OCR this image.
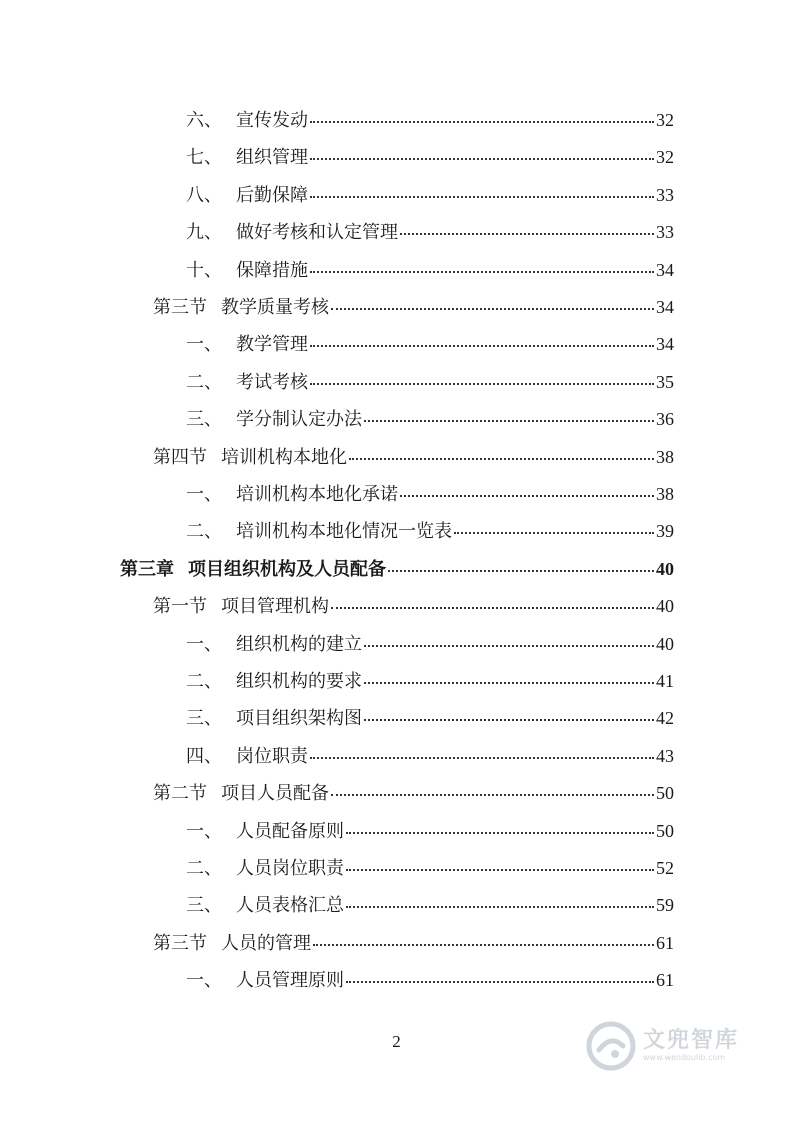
六、 宣传发动	32
七、 组织管理	32
八、 后勤保障	33
九、 做好考核和认定管理	33
十、 保障措施	34
第三节 教学质量考核	34
一、 教学管理	34
二、 考试考核	35
三、 学分制认定办法	36
第四节 培训机构本地化	38
一、 培训机构本地化承诺	38
二、 培训机构本地化情况一览表	39
第三章 项目组织机构及人员配备	40
第一节 项目管理机构	40
一、 组织机构的建立	40
二、 组织机构的要求	41
三、 项目组织架构图	42
四、 岗位职责	43
第二节 项目人员配备	50
一、 人员配备原则	50
二、 人员岗位职责	52
三、 人员表格汇总	59
第三节 人员的管理	61
一、 人员管理原则	61
2	文兜智库
www.wendoulib.com
